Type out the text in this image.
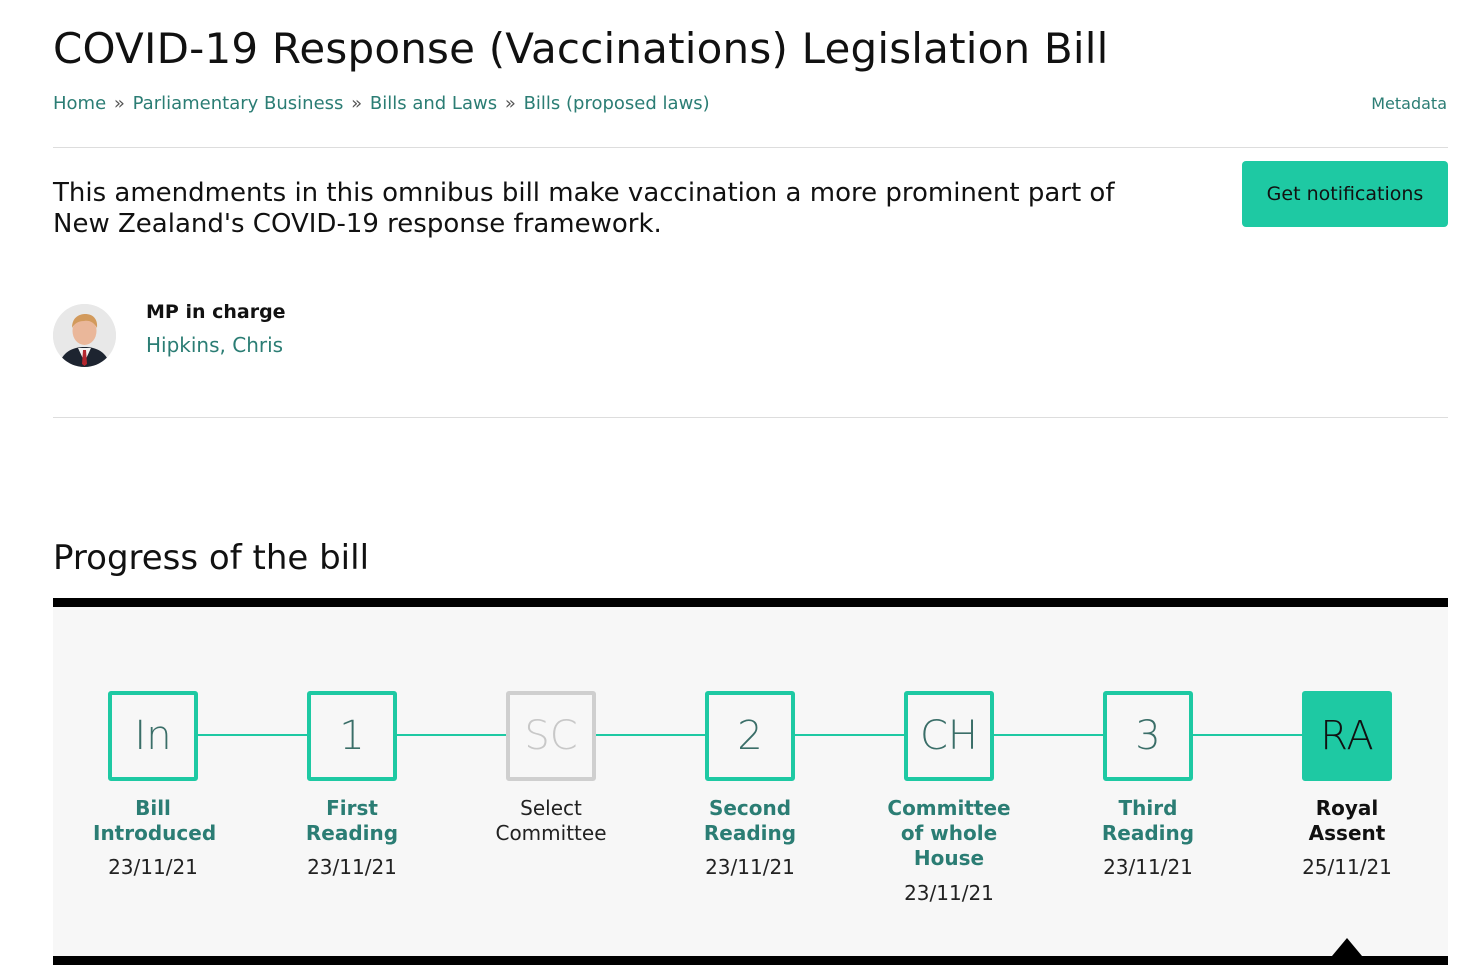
COVID-19 Response (Vaccinations) Legislation Bill
Home » Parliamentary Business » Bills and Laws » Bills (proposed laws)	Metadata

This amendments in this omnibus bill make vaccination a more prominent part of New Zealand's COVID-19 response framework.

Get notifications
MP in charge
Hipkins, Chris
Progress of the bill
In
Bill Introduced
23/11/21
1
First Reading
23/11/21
SC
Select Committee
2
Second Reading
23/11/21
CH
Committee of whole House
23/11/21
3
Third Reading
23/11/21
RA
Royal Assent
25/11/21
